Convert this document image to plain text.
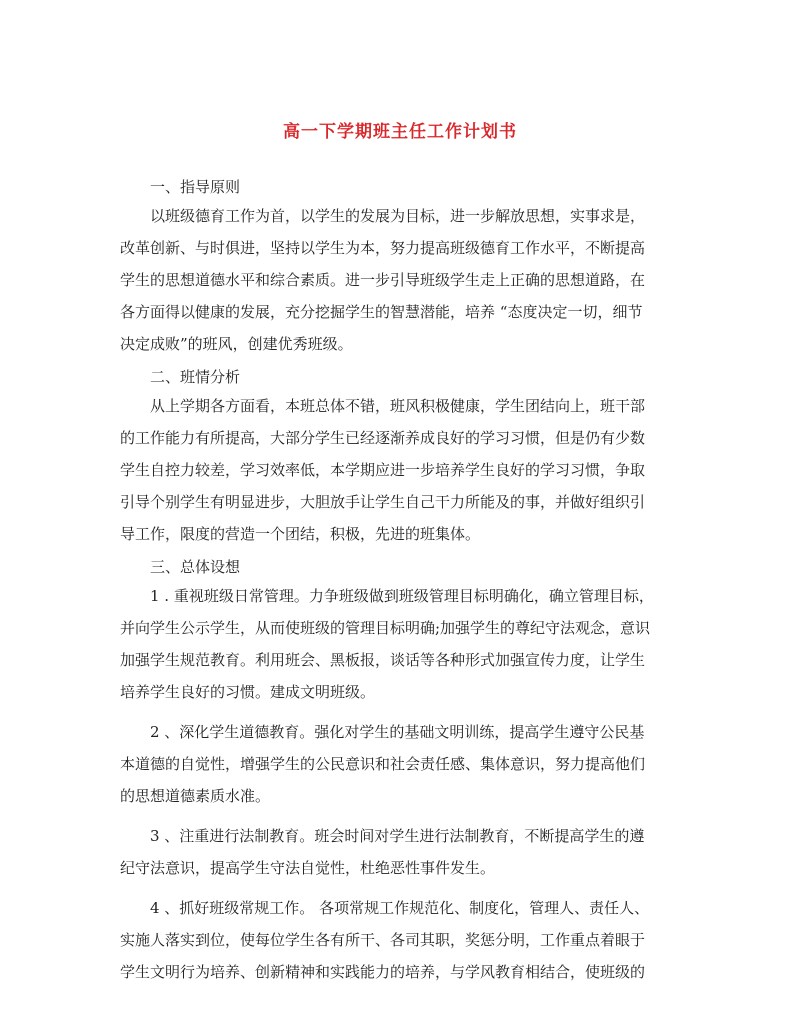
高一下学期班主任工作计划书
一、指导原则
以班级德育工作为首，以学生的发展为目标，进一步解放思想，实事求是，
改革创新、与时俱进，坚持以学生为本，努力提高班级德育工作水平，不断提高
学生的思想道德水平和综合素质。进一步引导班级学生走上正确的思想道路，在
各方面得以健康的发展，充分挖掘学生的智慧潜能，培养 “态度决定一切，细节
决定成败”的班风，创建优秀班级。
二、班情分析
从上学期各方面看，本班总体不错，班风积极健康，学生团结向上，班干部
的工作能力有所提高，大部分学生已经逐渐养成良好的学习习惯，但是仍有少数
学生自控力较差，学习效率低，本学期应进一步培养学生良好的学习习惯，争取
引导个别学生有明显进步，大胆放手让学生自己干力所能及的事，并做好组织引
导工作，限度的营造一个团结，积极，先进的班集体。
三、总体设想
1 . 重视班级日常管理。力争班级做到班级管理目标明确化，确立管理目标，
并向学生公示学生，从而使班级的管理目标明确;加强学生的尊纪守法观念，意识
加强学生规范教育。利用班会、黑板报，谈话等各种形式加强宣传力度，让学生
培养学生良好的习惯。建成文明班级。
2 、深化学生道德教育。强化对学生的基础文明训练，提高学生遵守公民基
本道德的自觉性，增强学生的公民意识和社会责任感、集体意识，努力提高他们
的思想道德素质水准。
3 、注重进行法制教育。班会时间对学生进行法制教育，不断提高学生的遵
纪守法意识，提高学生守法自觉性，杜绝恶性事件发生。
4 、抓好班级常规工作。 各项常规工作规范化、制度化，管理人、责任人、
实施人落实到位，使每位学生各有所干、各司其职，奖惩分明，工作重点着眼于
学生文明行为培养、创新精神和实践能力的培养，与学风教育相结合，使班级的
